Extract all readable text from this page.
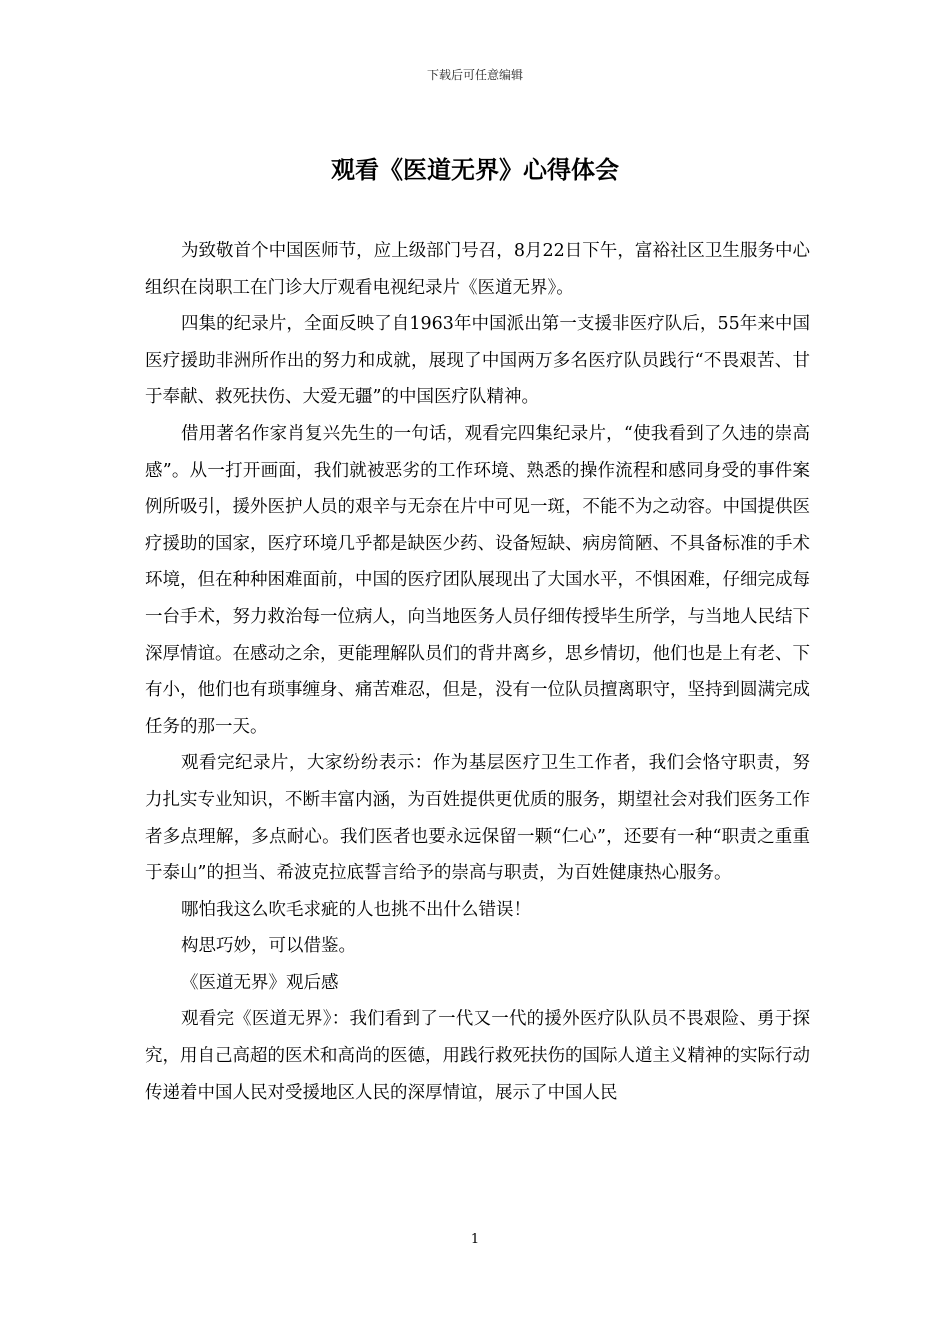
下载后可任意编辑
观看《医道无界》心得体会

为致敬首个中国医师节，应上级部门号召，8月22日下午，富裕社区卫生服务中心组织在岗职工在门诊大厅观看电视纪录片《医道无界》。

四集的纪录片，全面反映了自1963年中国派出第一支援非医疗队后，55年来中国医疗援助非洲所作出的努力和成就，展现了中国两万多名医疗队员践行“不畏艰苦、甘于奉献、救死扶伤、大爱无疆”的中国医疗队精神。

借用著名作家肖复兴先生的一句话，观看完四集纪录片，“使我看到了久违的崇高感”。从一打开画面，我们就被恶劣的工作环境、熟悉的操作流程和感同身受的事件案例所吸引，援外医护人员的艰辛与无奈在片中可见一斑，不能不为之动容。中国提供医疗援助的国家，医疗环境几乎都是缺医少药、设备短缺、病房简陋、不具备标准的手术环境，但在种种困难面前，中国的医疗团队展现出了大国水平，不惧困难，仔细完成每一台手术，努力救治每一位病人，向当地医务人员仔细传授毕生所学，与当地人民结下深厚情谊。在感动之余，更能理解队员们的背井离乡，思乡情切，他们也是上有老、下有小，他们也有琐事缠身、痛苦难忍，但是，没有一位队员擅离职守，坚持到圆满完成任务的那一天。

观看完纪录片，大家纷纷表示：作为基层医疗卫生工作者，我们会恪守职责，努力扎实专业知识，不断丰富内涵，为百姓提供更优质的服务，期望社会对我们医务工作者多点理解，多点耐心。我们医者也要永远保留一颗“仁心”，还要有一种“职责之重重于泰山”的担当、希波克拉底誓言给予的崇高与职责，为百姓健康热心服务。

哪怕我这么吹毛求疵的人也挑不出什么错误！

构思巧妙，可以借鉴。

《医道无界》观后感

观看完《医道无界》：我们看到了一代又一代的援外医疗队队员不畏艰险、勇于探究，用自己高超的医术和高尚的医德，用践行救死扶伤的国际人道主义精神的实际行动传递着中国人民对受援地区人民的深厚情谊，展示了中国人民

1
